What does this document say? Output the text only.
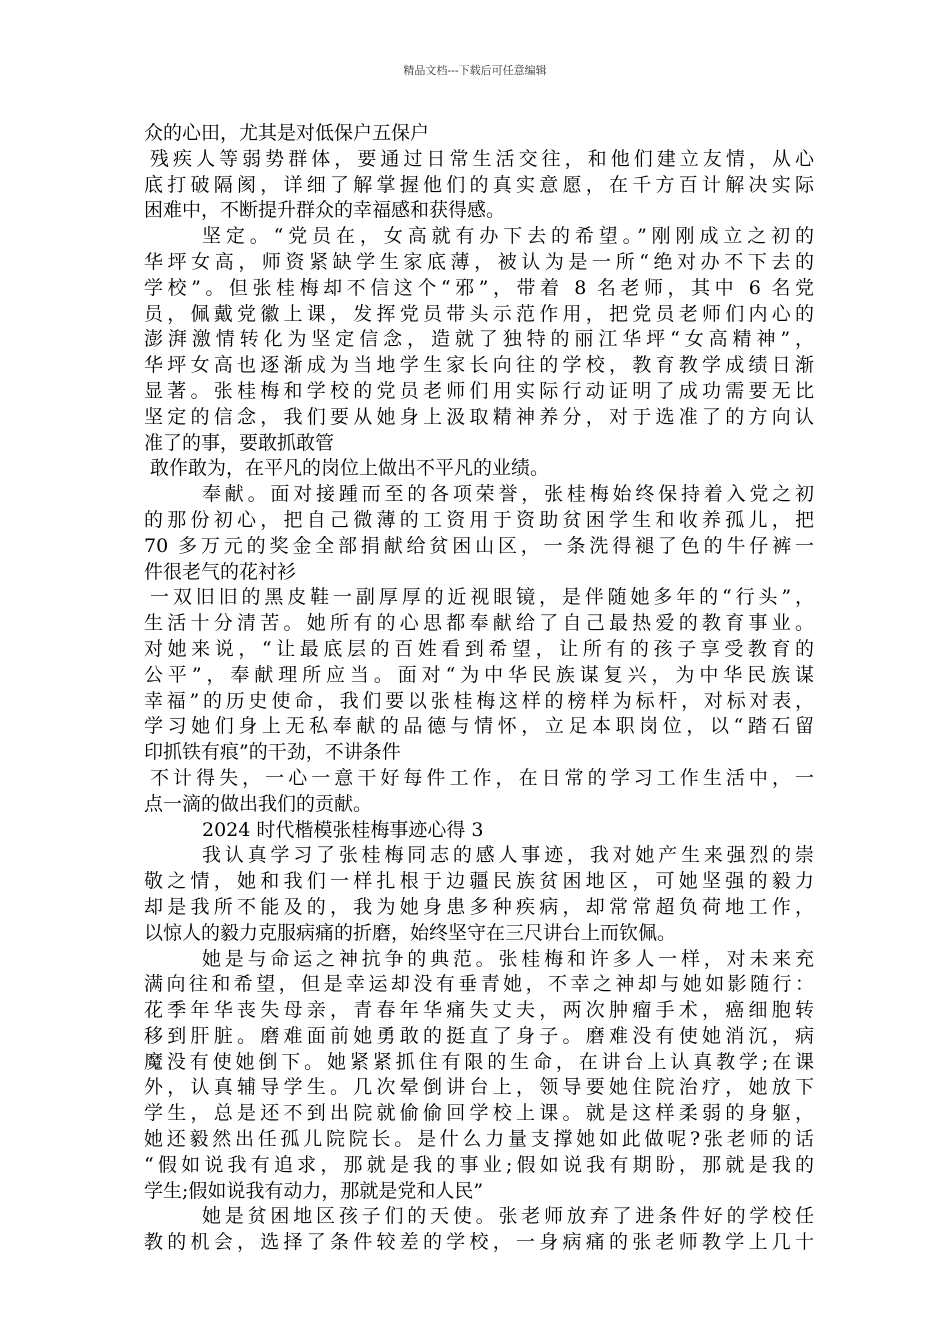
精品文档---下载后可任意编辑
众的心田，尤其是对低保户五保户
残疾人等弱势群体，要通过日常生活交往，和他们建立友情，从心
底打破隔阂，详细了解掌握他们的真实意愿，在千方百计解决实际
困难中，不断提升群众的幸福感和获得感。
坚定。“党员在，女高就有办下去的希望。”刚刚成立之初的
华坪女高，师资紧缺学生家底薄，被认为是一所“绝对办不下去的
学校”。但张桂梅却不信这个“邪”，带着 8 名老师，其中 6 名党
员，佩戴党徽上课，发挥党员带头示范作用，把党员老师们内心的
澎湃激情转化为坚定信念，造就了独特的丽江华坪“女高精神”，
华坪女高也逐渐成为当地学生家长向往的学校，教育教学成绩日渐
显著。张桂梅和学校的党员老师们用实际行动证明了成功需要无比
坚定的信念，我们要从她身上汲取精神养分，对于选准了的方向认
准了的事，要敢抓敢管
敢作敢为，在平凡的岗位上做出不平凡的业绩。
奉献。面对接踵而至的各项荣誉，张桂梅始终保持着入党之初
的那份初心，把自己微薄的工资用于资助贫困学生和收养孤儿，把
70 多万元的奖金全部捐献给贫困山区，一条洗得褪了色的牛仔裤一
件很老气的花衬衫
一双旧旧的黑皮鞋一副厚厚的近视眼镜，是伴随她多年的“行头”，
生活十分清苦。她所有的心思都奉献给了自己最热爱的教育事业。
对她来说，“让最底层的百姓看到希望，让所有的孩子享受教育的
公平”，奉献理所应当。面对“为中华民族谋复兴，为中华民族谋
幸福”的历史使命，我们要以张桂梅这样的榜样为标杆，对标对表，
学习她们身上无私奉献的品德与情怀，立足本职岗位，以“踏石留
印抓铁有痕”的干劲，不讲条件
不计得失，一心一意干好每件工作，在日常的学习工作生活中，一
点一滴的做出我们的贡献。
2024 时代楷模张桂梅事迹心得 3
我认真学习了张桂梅同志的感人事迹，我对她产生来强烈的崇
敬之情，她和我们一样扎根于边疆民族贫困地区，可她坚强的毅力
却是我所不能及的，我为她身患多种疾病，却常常超负荷地工作，
以惊人的毅力克服病痛的折磨，始终坚守在三尺讲台上而钦佩。
她是与命运之神抗争的典范。张桂梅和许多人一样，对未来充
满向往和希望，但是幸运却没有垂青她，不幸之神却与她如影随行：
花季年华丧失母亲，青春年华痛失丈夫，两次肿瘤手术，癌细胞转
移到肝脏。磨难面前她勇敢的挺直了身子。磨难没有使她消沉，病
魔没有使她倒下。她紧紧抓住有限的生命，在讲台上认真教学;在课
外，认真辅导学生。几次晕倒讲台上，领导要她住院治疗，她放下
学生，总是还不到出院就偷偷回学校上课。就是这样柔弱的身躯，
她还毅然出任孤儿院院长。是什么力量支撑她如此做呢?张老师的话
“假如说我有追求，那就是我的事业;假如说我有期盼，那就是我的
学生;假如说我有动力，那就是党和人民”
她是贫困地区孩子们的天使。张老师放弃了进条件好的学校任
教的机会，选择了条件较差的学校，一身病痛的张老师教学上几十
